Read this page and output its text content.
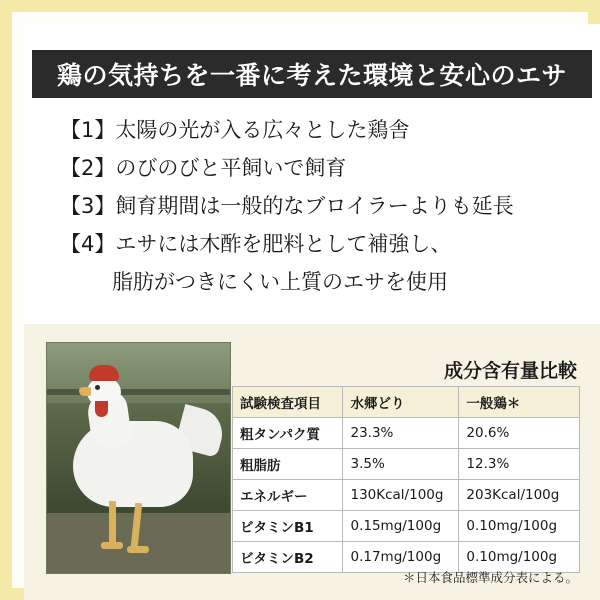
鶏の気持ちを一番に考えた環境と安心のエサ
【1】太陽の光が入る広々とした鶏舎
【2】のびのびと平飼いで飼育
【3】飼育期間は一般的なブロイラーよりも延長
【4】エサには木酢を肥料として補強し、
脂肪がつきにくい上質のエサを使用
成分含有量比較
試験検査項目	水郷どり	一般鶏＊
粗タンパク質	23.3%	20.6%
粗脂肪	3.5%	12.3%
エネルギー	130Kcal/100g	203Kcal/100g
ビタミンB1	0.15mg/100g	0.10mg/100g
ビタミンB2	0.17mg/100g	0.10mg/100g
＊日本食品標準成分表による。
